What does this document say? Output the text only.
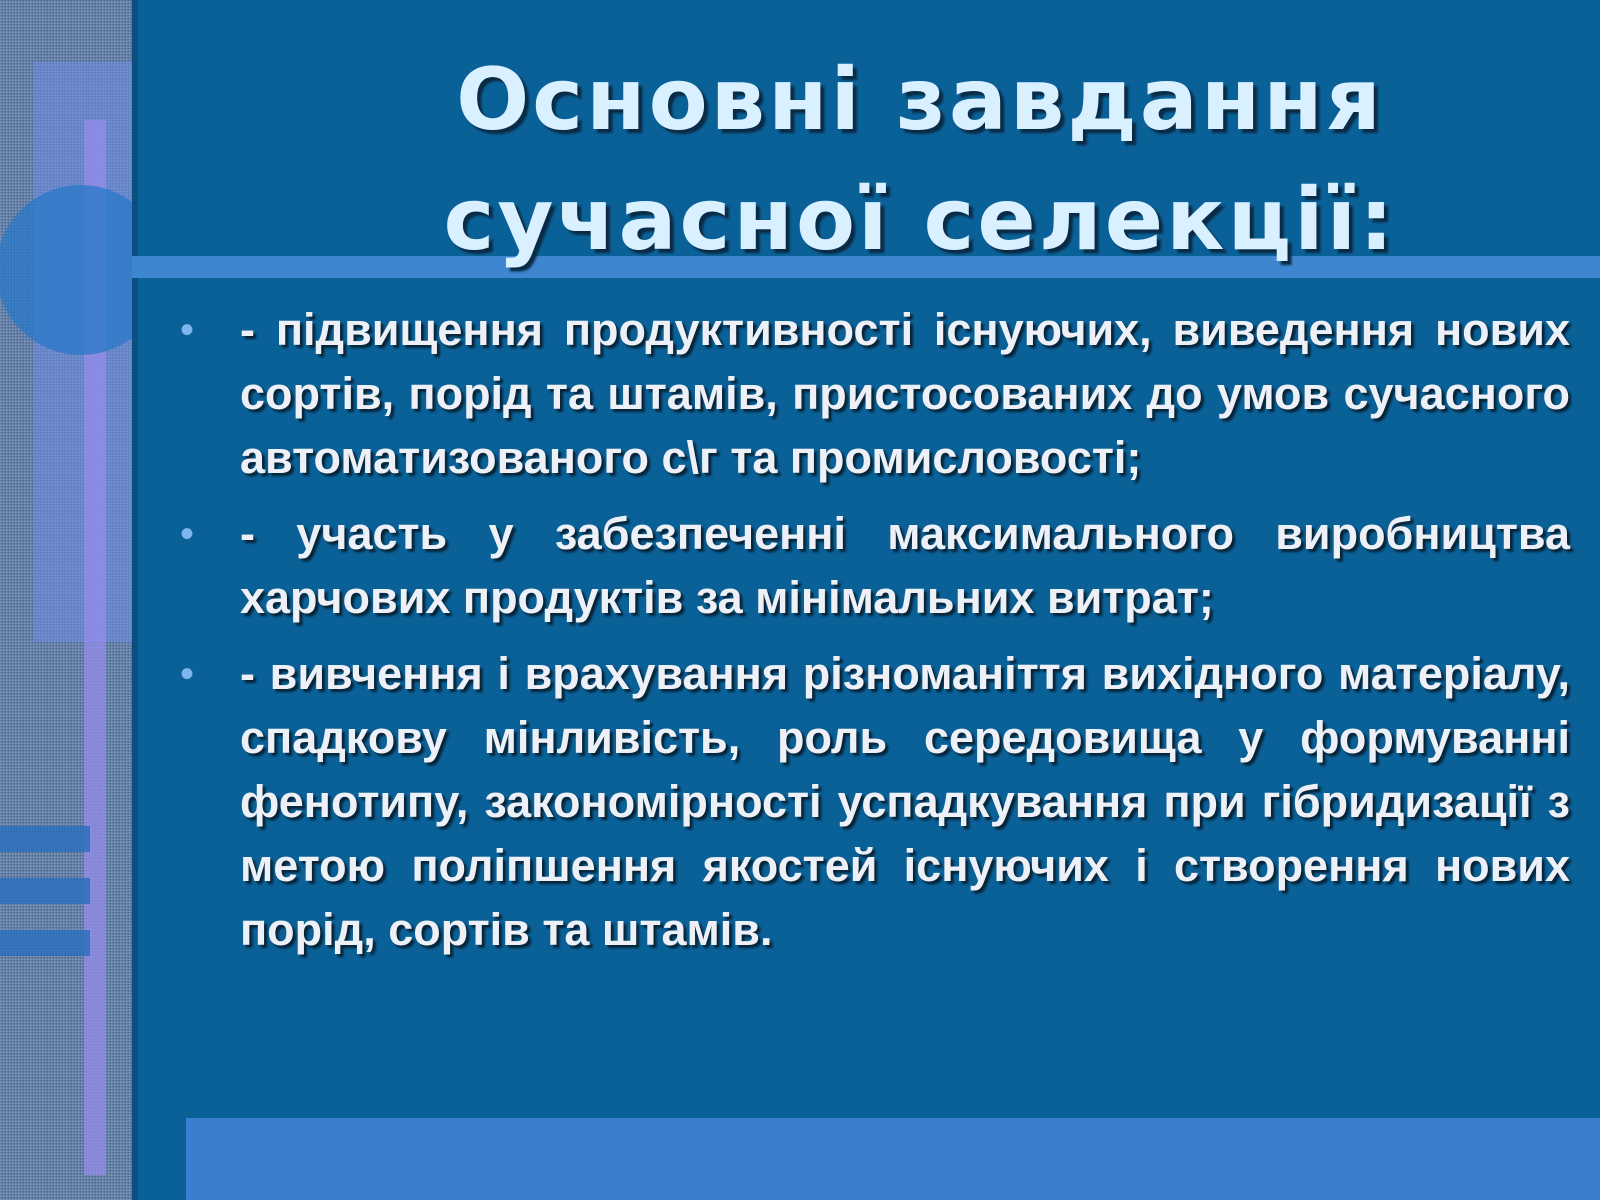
Основні завдання
сучасної селекції:
• - підвищення продуктивності існуючих, виведення нових сортів, порід та штамів, пристосованих до умов сучасного автоматизованого с\г та промисловості;
• - участь у забезпеченні максимального виробництва харчових продуктів за мінімальних витрат;
• - вивчення і врахування різноманіття вихідного матеріалу, спадкову мінливість, роль середовища у формуванні фенотипу, закономірності успадкування при гібридизації з метою поліпшення якостей існуючих і створення нових порід, сортів та штамів.
